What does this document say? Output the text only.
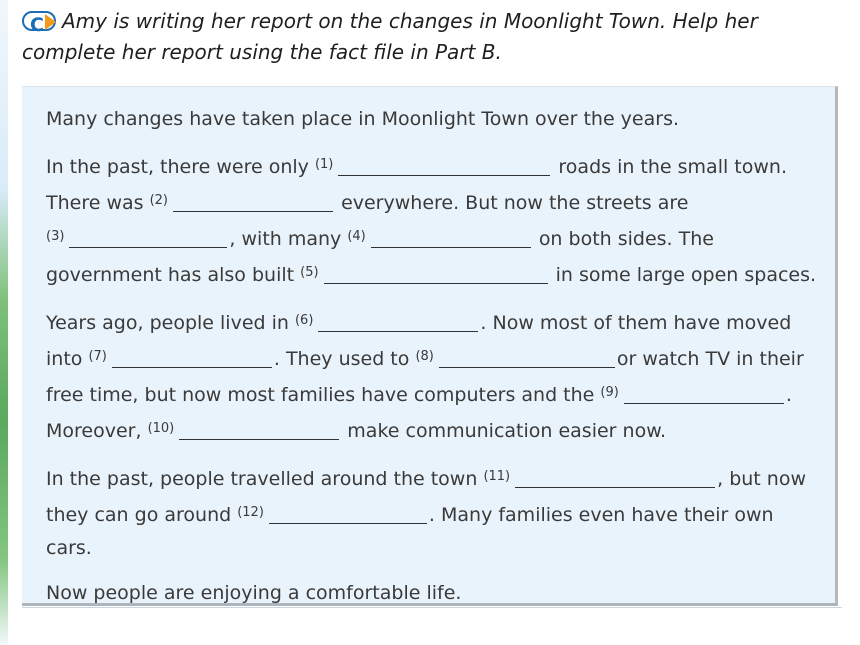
C Amy is writing her report on the changes in Moonlight Town. Help her
complete her report using the fact file in Part B.

Many changes have taken place in Moonlight Town over the years.

In the past, there were only $^{(1)}$	roads in the small town.
There was $^{(2)}$	everywhere. But now the streets are
$^{(3)}$	, with many $^{(4)}$	on both sides. The
government has also built $^{(5)}$	in some large open spaces.

Years ago, people lived in $^{(6)}$	. Now most of them have moved
into $^{(7)}$	. They used to $^{(8)}$	or watch TV in their
free time, but now most families have computers and the $^{(9)}$	.
Moreover, $^{(10)}$	make communication easier now.

In the past, people travelled around the town $^{(11)}$	, but now
they can go around $^{(12)}$	. Many families even have their own
cars.

Now people are enjoying a comfortable life.
